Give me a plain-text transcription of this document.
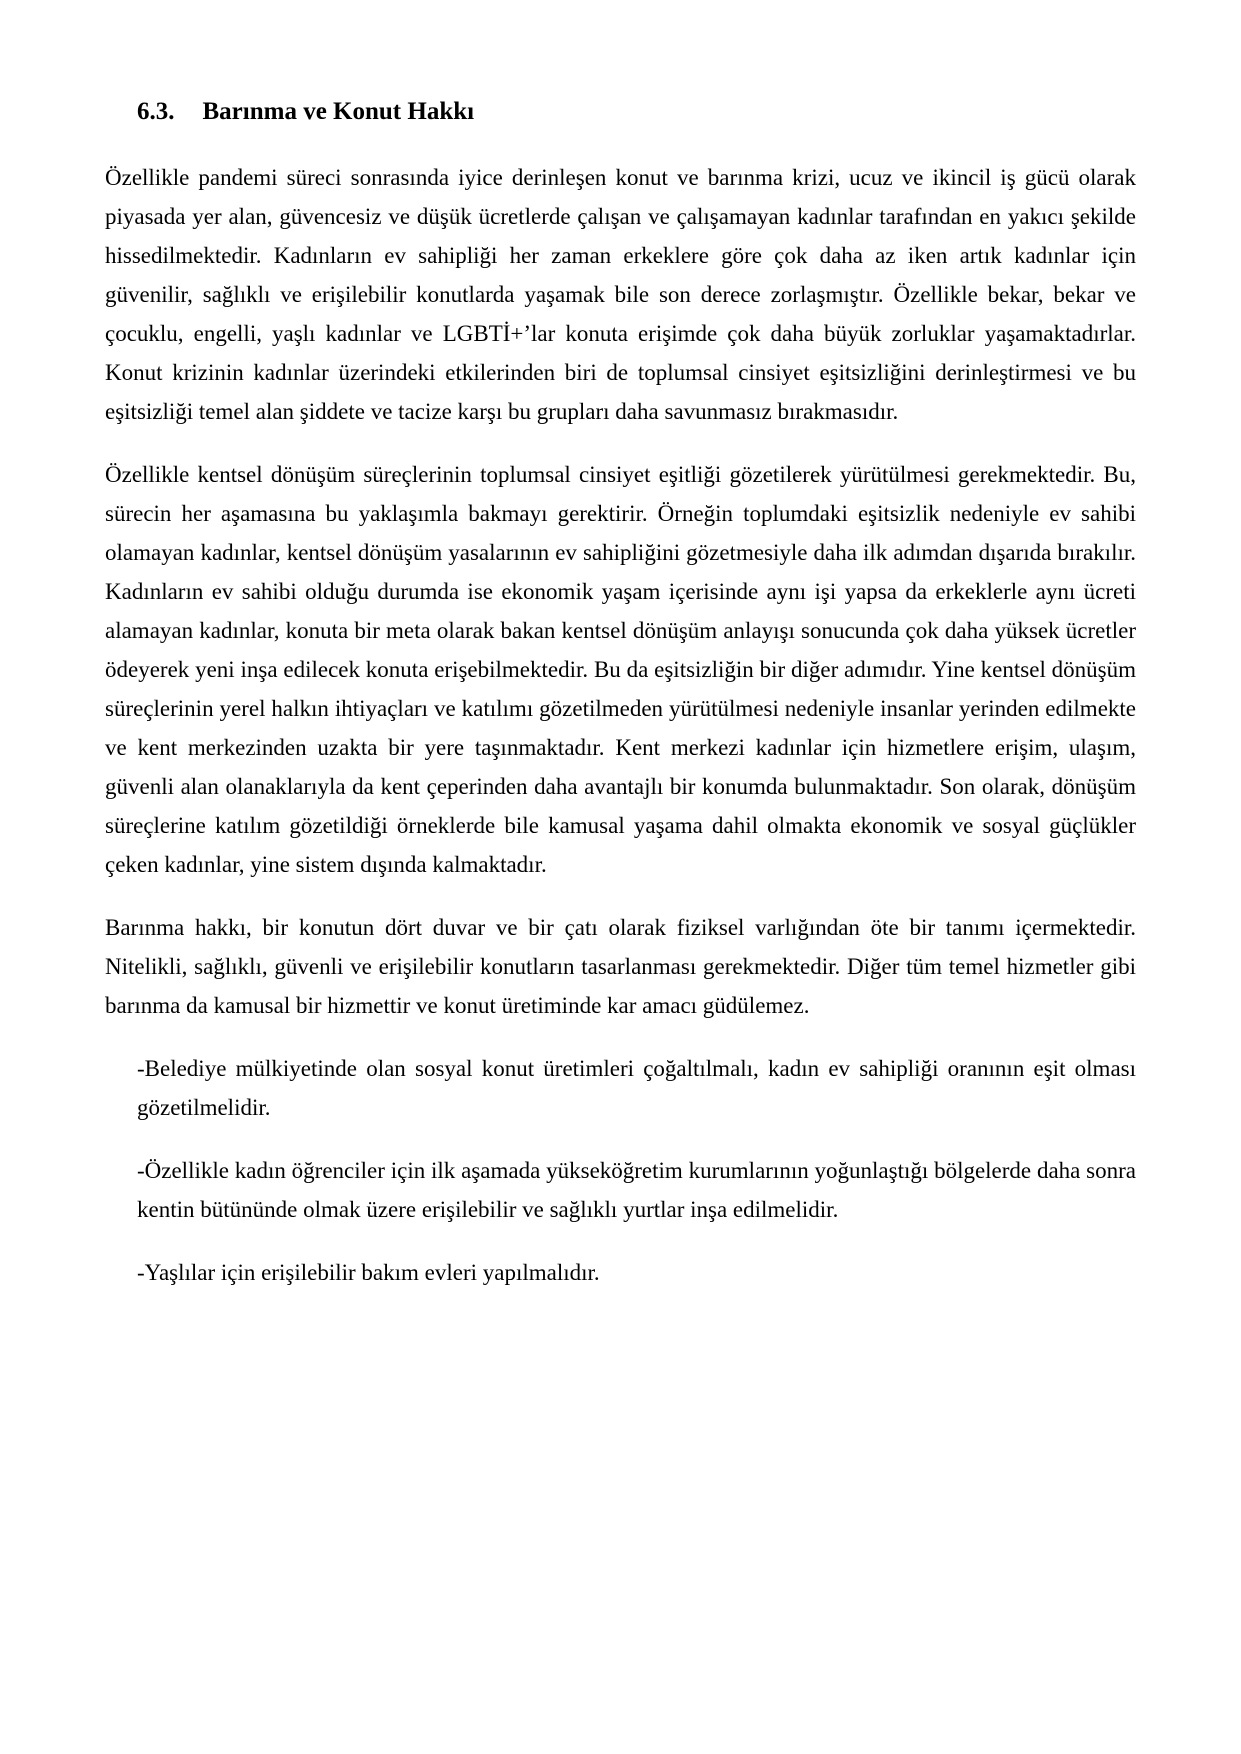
6.3. Barınma ve Konut Hakkı

Özellikle pandemi süreci sonrasında iyice derinleşen konut ve barınma krizi, ucuz ve ikincil iş gücü olarak piyasada yer alan, güvencesiz ve düşük ücretlerde çalışan ve çalışamayan kadınlar tarafından en yakıcı şekilde hissedilmektedir. Kadınların ev sahipliği her zaman erkeklere göre çok daha az iken artık kadınlar için güvenilir, sağlıklı ve erişilebilir konutlarda yaşamak bile son derece zorlaşmıştır. Özellikle bekar, bekar ve çocuklu, engelli, yaşlı kadınlar ve LGBTİ+’lar konuta erişimde çok daha büyük zorluklar yaşamaktadırlar. Konut krizinin kadınlar üzerindeki etkilerinden biri de toplumsal cinsiyet eşitsizliğini derinleştirmesi ve bu eşitsizliği temel alan şiddete ve tacize karşı bu grupları daha savunmasız bırakmasıdır.

Özellikle kentsel dönüşüm süreçlerinin toplumsal cinsiyet eşitliği gözetilerek yürütülmesi gerekmektedir. Bu, sürecin her aşamasına bu yaklaşımla bakmayı gerektirir. Örneğin toplumdaki eşitsizlik nedeniyle ev sahibi olamayan kadınlar, kentsel dönüşüm yasalarının ev sahipliğini gözetmesiyle daha ilk adımdan dışarıda bırakılır. Kadınların ev sahibi olduğu durumda ise ekonomik yaşam içerisinde aynı işi yapsa da erkeklerle aynı ücreti alamayan kadınlar, konuta bir meta olarak bakan kentsel dönüşüm anlayışı sonucunda çok daha yüksek ücretler ödeyerek yeni inşa edilecek konuta erişebilmektedir. Bu da eşitsizliğin bir diğer adımıdır. Yine kentsel dönüşüm süreçlerinin yerel halkın ihtiyaçları ve katılımı gözetilmeden yürütülmesi nedeniyle insanlar yerinden edilmekte ve kent merkezinden uzakta bir yere taşınmaktadır. Kent merkezi kadınlar için hizmetlere erişim, ulaşım, güvenli alan olanaklarıyla da kent çeperinden daha avantajlı bir konumda bulunmaktadır. Son olarak, dönüşüm süreçlerine katılım gözetildiği örneklerde bile kamusal yaşama dahil olmakta ekonomik ve sosyal güçlükler çeken kadınlar, yine sistem dışında kalmaktadır.

Barınma hakkı, bir konutun dört duvar ve bir çatı olarak fiziksel varlığından öte bir tanımı içermektedir. Nitelikli, sağlıklı, güvenli ve erişilebilir konutların tasarlanması gerekmektedir. Diğer tüm temel hizmetler gibi barınma da kamusal bir hizmettir ve konut üretiminde kar amacı güdülemez.

-Belediye mülkiyetinde olan sosyal konut üretimleri çoğaltılmalı, kadın ev sahipliği oranının eşit olması gözetilmelidir.

-Özellikle kadın öğrenciler için ilk aşamada yükseköğretim kurumlarının yoğunlaştığı bölgelerde daha sonra kentin bütününde olmak üzere erişilebilir ve sağlıklı yurtlar inşa edilmelidir.

-Yaşlılar için erişilebilir bakım evleri yapılmalıdır.
